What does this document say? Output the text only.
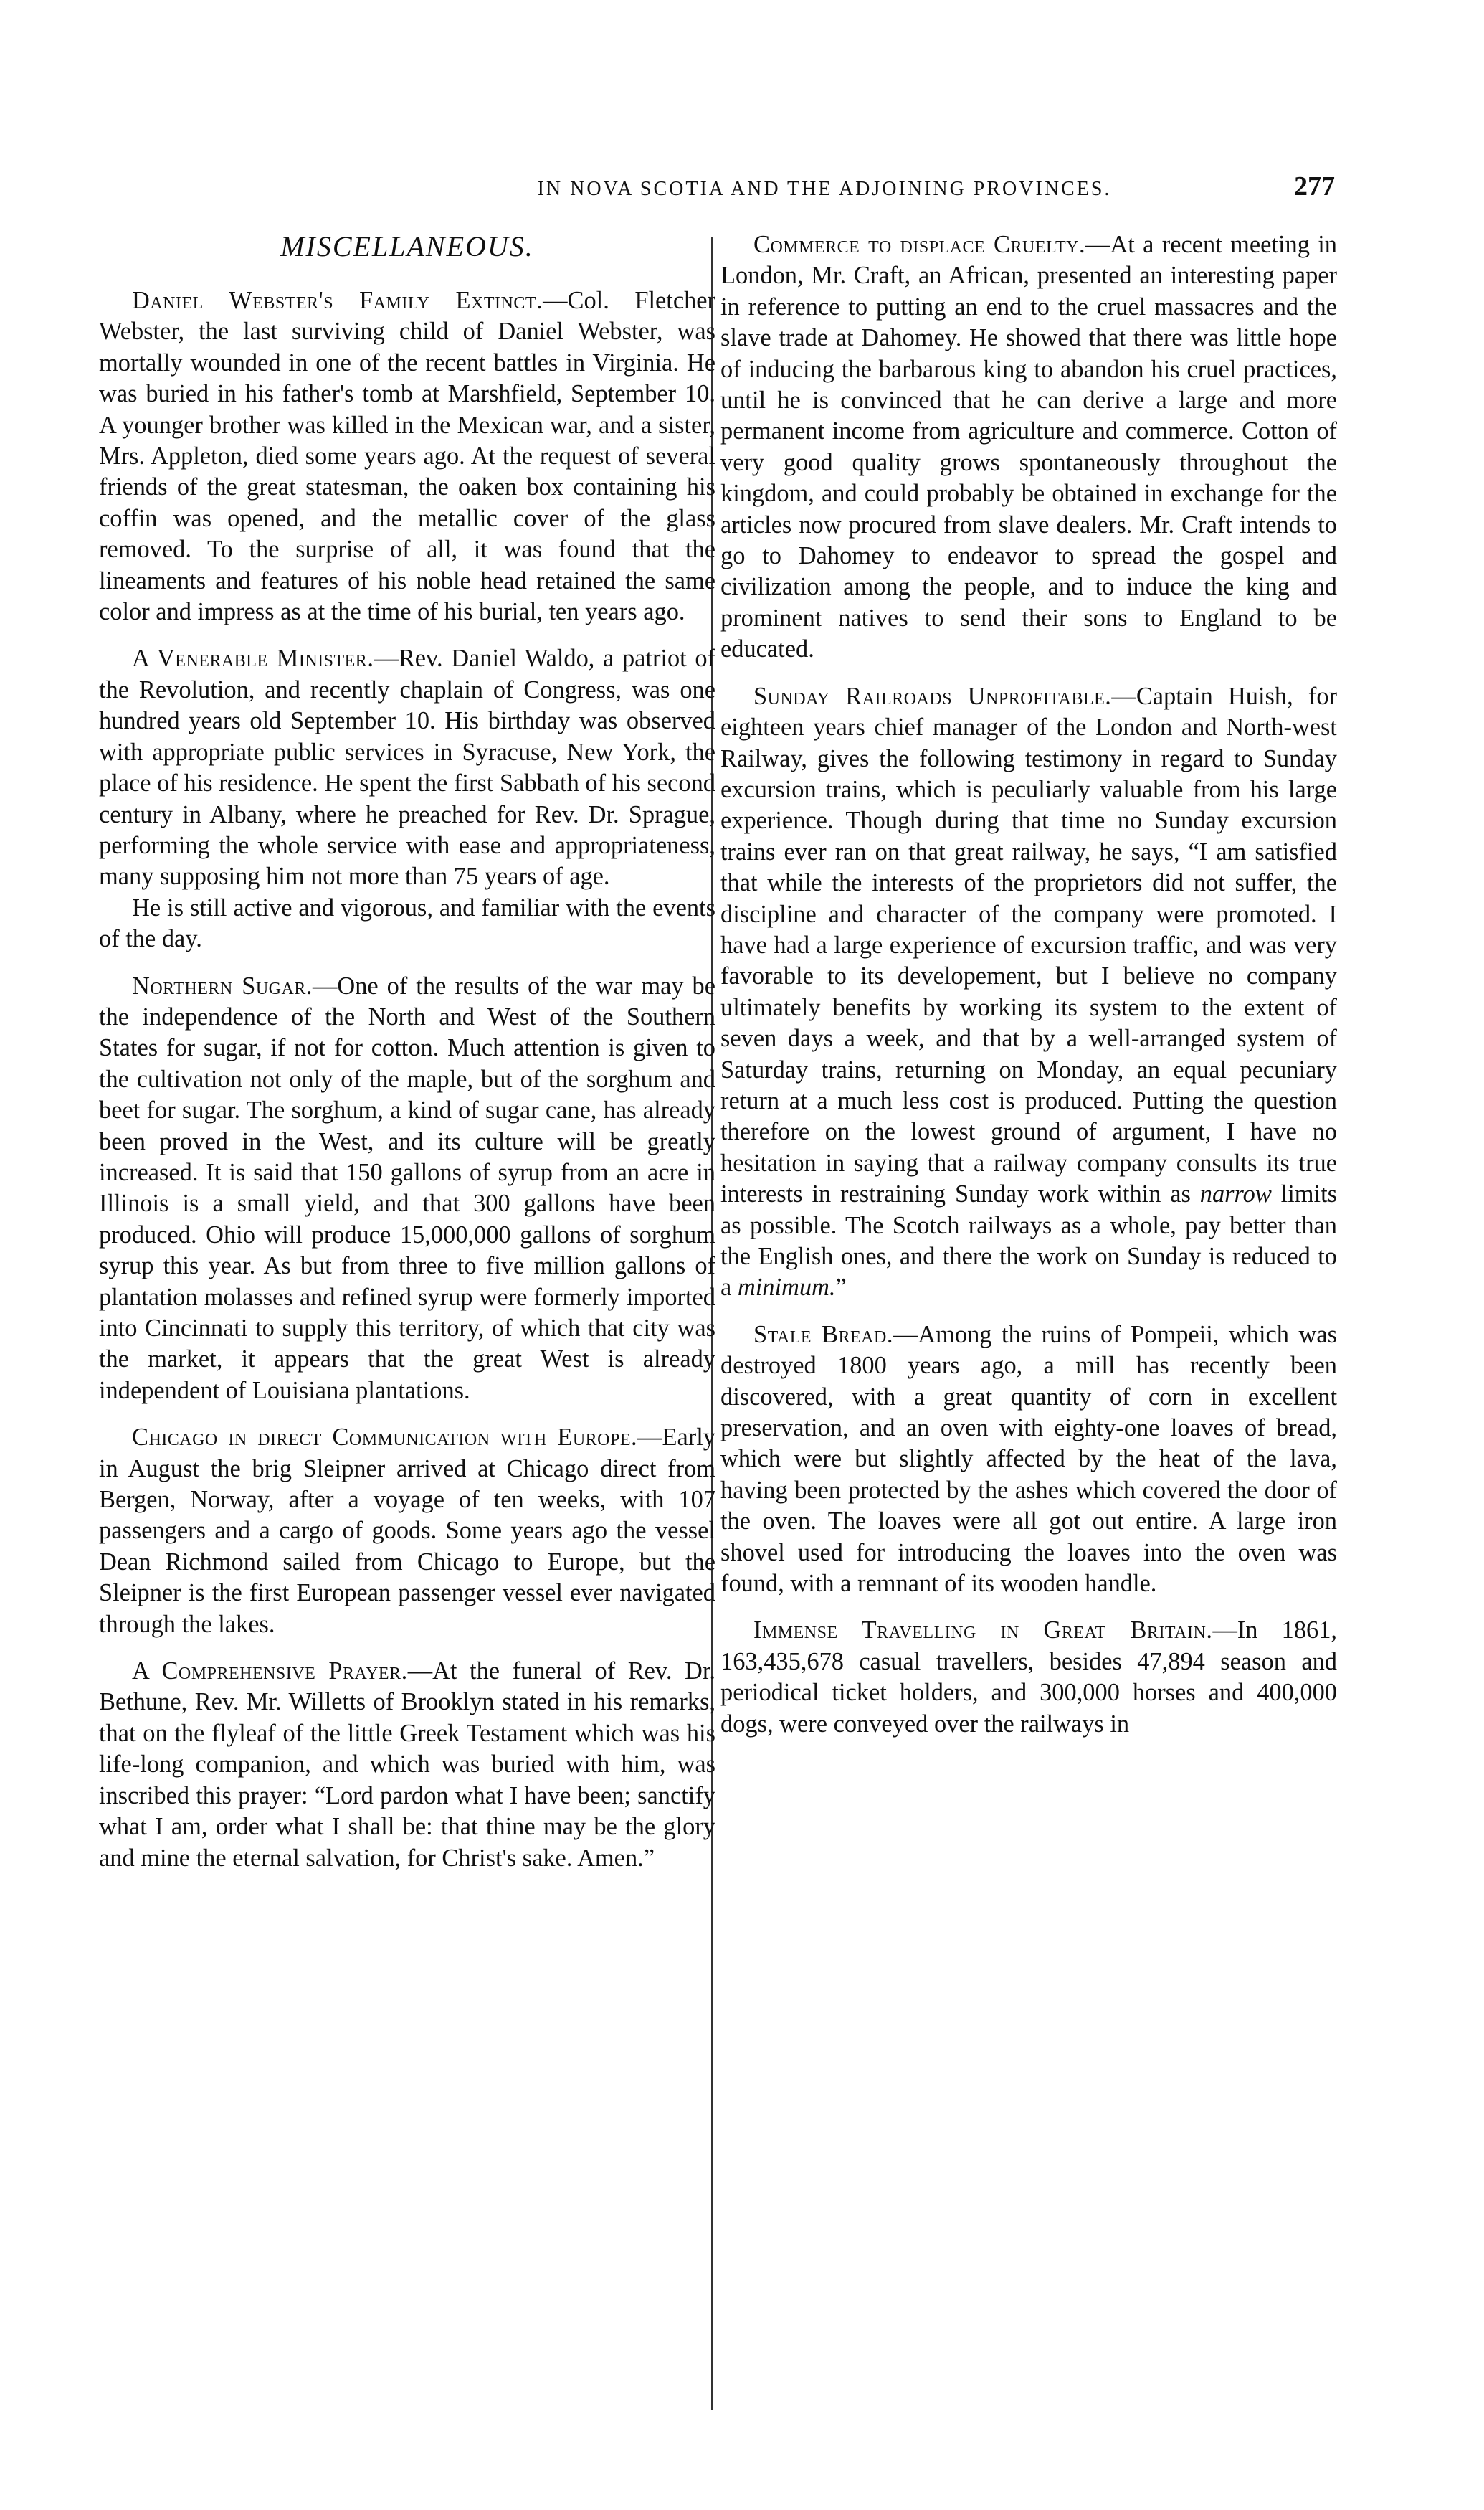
IN NOVA SCOTIA AND THE ADJOINING PROVINCES.	277
MISCELLANEOUS.

Daniel Webster's Family Extinct.—Col. Fletcher Webster, the last surviving child of Daniel Webster, was mortally wounded in one of the recent battles in Virginia. He was buried in his father's tomb at Marshfield, September 10. A younger brother was killed in the Mexican war, and a sister, Mrs. Appleton, died some years ago. At the request of several friends of the great statesman, the oaken box containing his coffin was opened, and the metallic cover of the glass removed. To the surprise of all, it was found that the lineaments and features of his noble head retained the same color and impress as at the time of his burial, ten years ago.

A Venerable Minister.—Rev. Daniel Waldo, a patriot of the Revolution, and recently chaplain of Congress, was one hundred years old September 10. His birthday was observed with appropriate public services in Syracuse, New York, the place of his residence. He spent the first Sabbath of his second century in Albany, where he preached for Rev. Dr. Sprague, performing the whole service with ease and appropriateness, many supposing him not more than 75 years of age.

He is still active and vigorous, and familiar with the events of the day.

Northern Sugar.—One of the results of the war may be the independence of the North and West of the Southern States for sugar, if not for cotton. Much attention is given to the cultivation not only of the maple, but of the sorghum and beet for sugar. The sorghum, a kind of sugar cane, has already been proved in the West, and its culture will be greatly increased. It is said that 150 gallons of syrup from an acre in Illinois is a small yield, and that 300 gallons have been produced. Ohio will produce 15,000,000 gallons of sorghum syrup this year. As but from three to five million gallons of plantation molasses and refined syrup were formerly imported into Cincinnati to supply this territory, of which that city was the market, it appears that the great West is already independent of Louisiana plantations.

Chicago in direct Communication with Europe.—Early in August the brig Sleipner arrived at Chicago direct from Bergen, Norway, after a voyage of ten weeks, with 107 passengers and a cargo of goods. Some years ago the vessel Dean Richmond sailed from Chicago to Europe, but the Sleipner is the first European passenger vessel ever navigated through the lakes.

A Comprehensive Prayer.—At the funeral of Rev. Dr. Bethune, Rev. Mr. Willetts of Brooklyn stated in his remarks, that on the flyleaf of the little Greek Testament which was his life-long companion, and which was buried with him, was inscribed this prayer: “Lord pardon what I have been; sanctify what I am, order what I shall be: that thine may be the glory and mine the eternal salvation, for Christ's sake. Amen.”

Commerce to displace Cruelty.—At a recent meeting in London, Mr. Craft, an African, presented an interesting paper in reference to putting an end to the cruel massacres and the slave trade at Dahomey. He showed that there was little hope of inducing the barbarous king to abandon his cruel practices, until he is convinced that he can derive a large and more permanent income from agriculture and commerce. Cotton of very good quality grows spontaneously throughout the kingdom, and could probably be obtained in exchange for the articles now procured from slave dealers. Mr. Craft intends to go to Dahomey to endeavor to spread the gospel and civilization among the people, and to induce the king and prominent natives to send their sons to England to be educated.

Sunday Railroads Unprofitable.—Captain Huish, for eighteen years chief manager of the London and North-west Railway, gives the following testimony in regard to Sunday excursion trains, which is peculiarly valuable from his large experience. Though during that time no Sunday excursion trains ever ran on that great railway, he says, “I am satisfied that while the interests of the proprietors did not suffer, the discipline and character of the company were promoted. I have had a large experience of excursion traffic, and was very favorable to its developement, but I believe no company ultimately benefits by working its system to the extent of seven days a week, and that by a well-arranged system of Saturday trains, returning on Monday, an equal pecuniary return at a much less cost is produced. Putting the question therefore on the lowest ground of argument, I have no hesitation in saying that a railway company consults its true interests in restraining Sunday work within as narrow limits as possible. The Scotch railways as a whole, pay better than the English ones, and there the work on Sunday is reduced to a minimum.”

Stale Bread.—Among the ruins of Pompeii, which was destroyed 1800 years ago, a mill has recently been discovered, with a great quantity of corn in excellent preservation, and an oven with eighty-one loaves of bread, which were but slightly affected by the heat of the lava, having been protected by the ashes which covered the door of the oven. The loaves were all got out entire. A large iron shovel used for introducing the loaves into the oven was found, with a remnant of its wooden handle.

Immense Travelling in Great Britain.—In 1861, 163,435,678 casual travellers, besides 47,894 season and periodical ticket holders, and 300,000 horses and 400,000 dogs, were conveyed over the railways in
